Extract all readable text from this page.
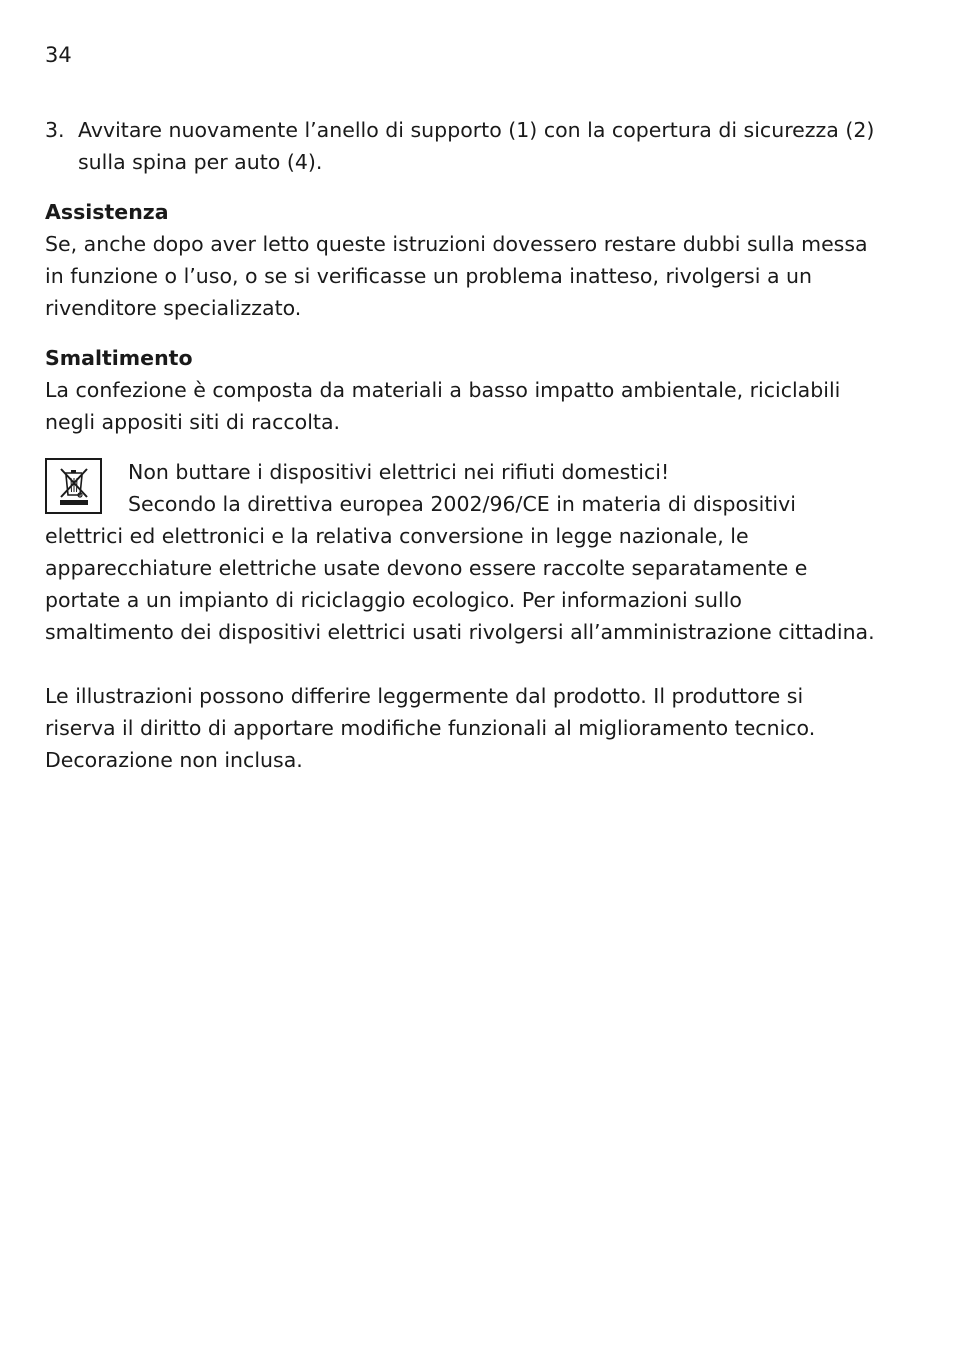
34
3. Avvitare nuovamente l’anello di supporto (1) con la copertura di sicurezza (2) sulla spina per auto (4).
Assistenza

Se, anche dopo aver letto queste istruzioni dovessero restare dubbi sulla messa in funzione o l’uso, o se si verificasse un problema inatteso, rivolgersi a un rivenditore specializzato.

Smaltimento

La confezione è composta da materiali a basso impatto ambientale, riciclabili negli appositi siti di raccolta.

Non buttare i dispositivi elettrici nei rifiuti domestici!
Secondo la direttiva europea 2002/96/CE in materia di dispositivi elettrici ed elettronici e la relativa conversione in legge nazionale, le apparecchiature elettriche usate devono essere raccolte separatamente e portate a un impianto di riciclaggio ecologico. Per informazioni sullo smaltimento dei dispositivi elettrici usati rivolgersi all’amministrazione cittadina.

Le illustrazioni possono differire leggermente dal prodotto. Il produttore si riserva il diritto di apportare modifiche funzionali al miglioramento tecnico. Decorazione non inclusa.
